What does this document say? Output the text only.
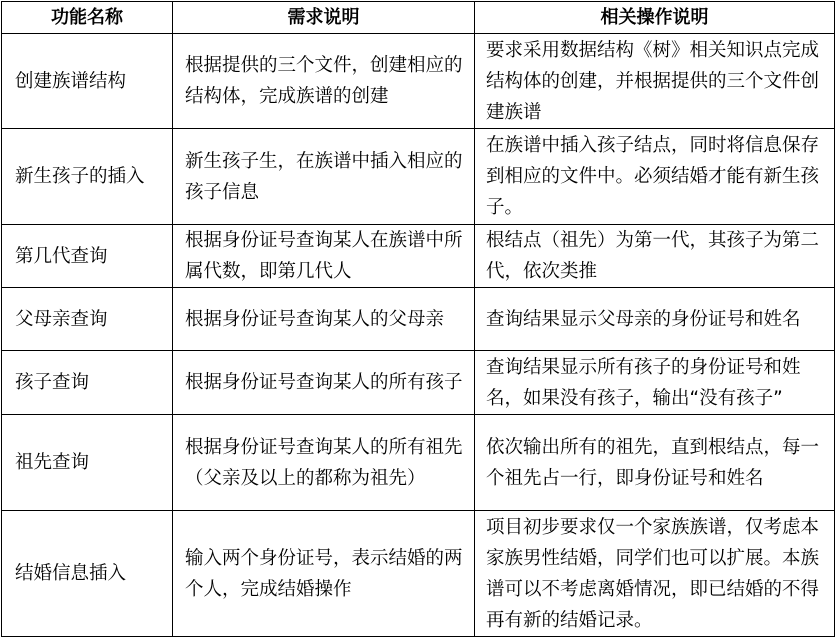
功能名称	需求说明	相关操作说明
创建族谱结构	根据提供的三个文件，创建相应的结构体，完成族谱的创建	要求采用数据结构《树》相关知识点完成结构体的创建，并根据提供的三个文件创建族谱
新生孩子的插入	新生孩子生，在族谱中插入相应的孩子信息	在族谱中插入孩子结点，同时将信息保存到相应的文件中。必须结婚才能有新生孩子。
第几代查询	根据身份证号查询某人在族谱中所属代数，即第几代人	根结点（祖先）为第一代，其孩子为第二代，依次类推
父母亲查询	根据身份证号查询某人的父母亲	查询结果显示父母亲的身份证号和姓名
孩子查询	根据身份证号查询某人的所有孩子	查询结果显示所有孩子的身份证号和姓名，如果没有孩子，输出“没有孩子”
祖先查询	根据身份证号查询某人的所有祖先（父亲及以上的都称为祖先）	依次输出所有的祖先，直到根结点，每一个祖先占一行，即身份证号和姓名
结婚信息插入	输入两个身份证号，表示结婚的两个人，完成结婚操作	项目初步要求仅一个家族族谱，仅考虑本家族男性结婚，同学们也可以扩展。本族谱可以不考虑离婚情况，即已结婚的不得再有新的结婚记录。
